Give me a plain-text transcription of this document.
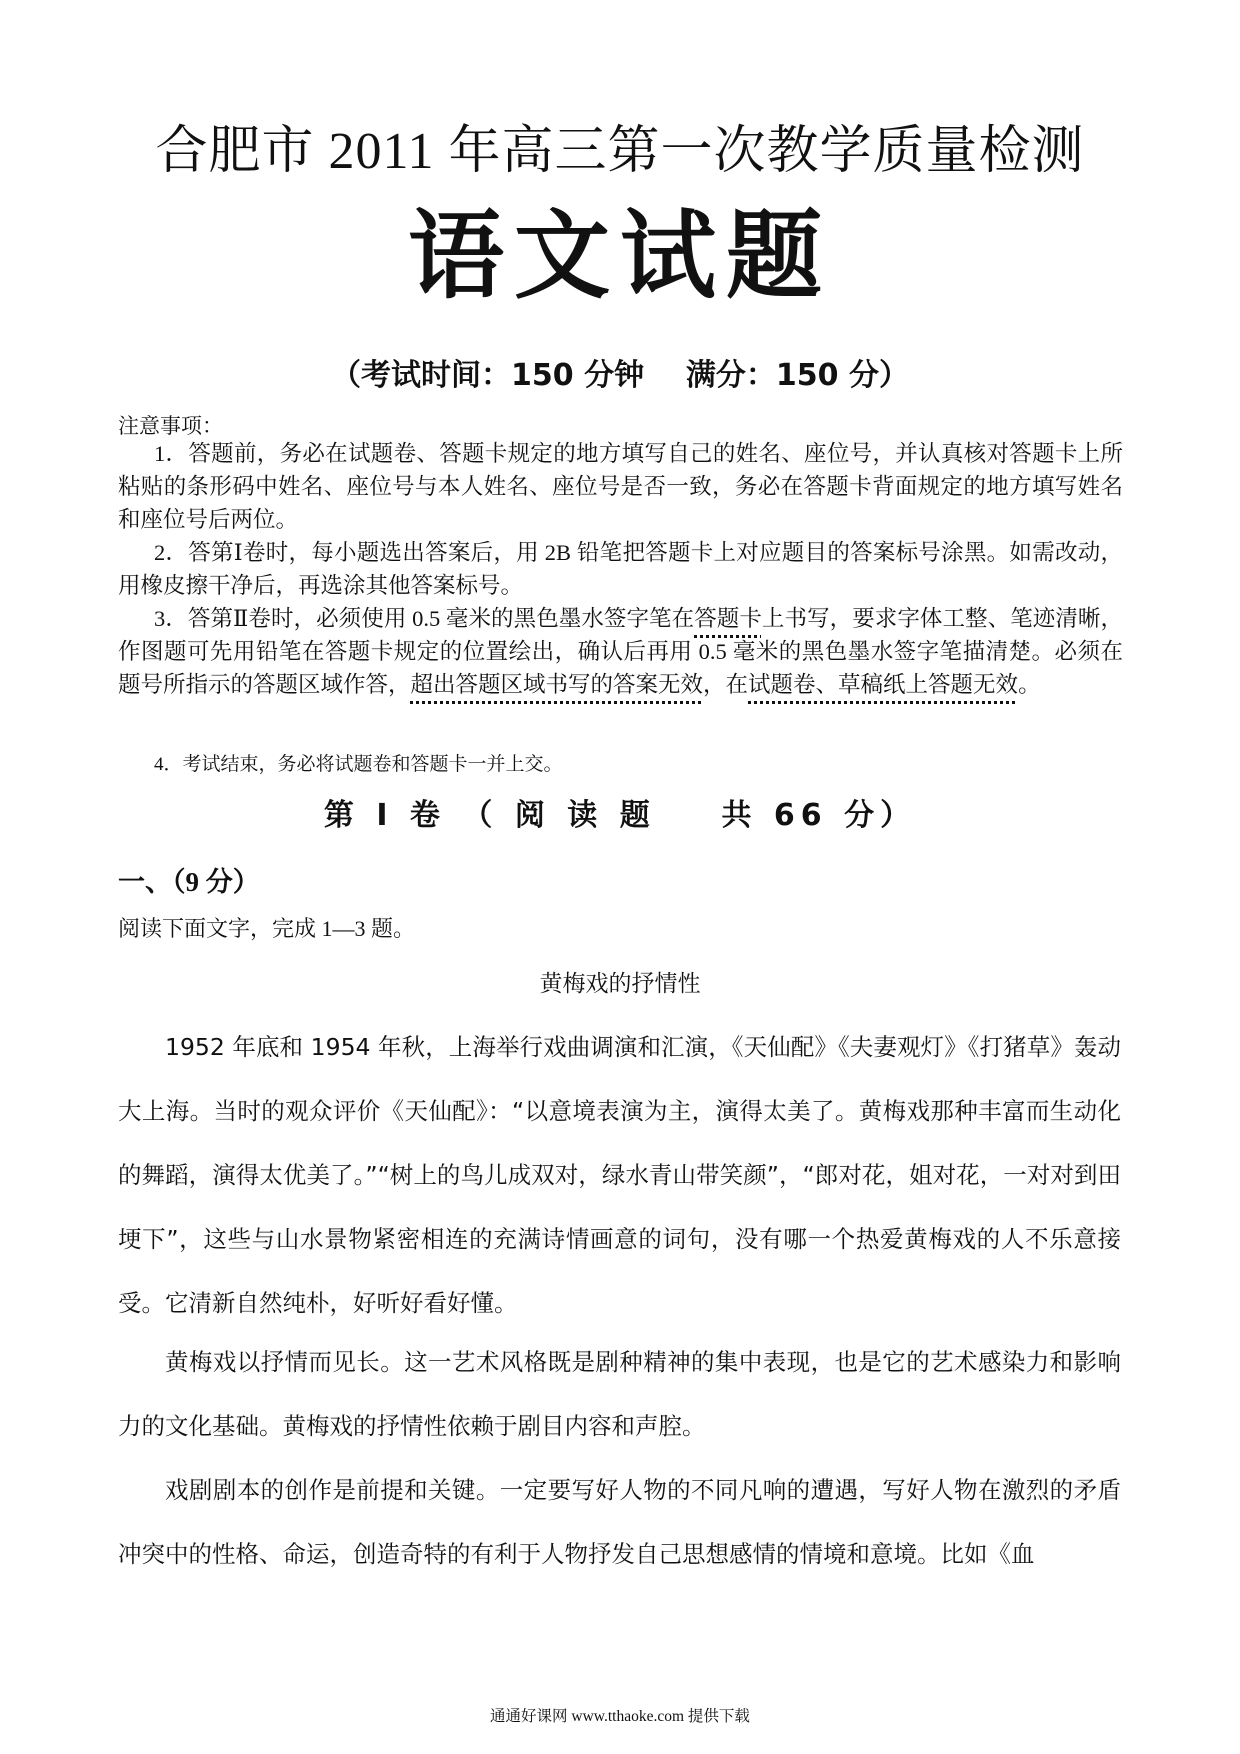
合肥市 2011 年高三第一次教学质量检测
语文试题
（考试时间：150 分钟    满分：150 分）
注意事项：
1．答题前，务必在试题卷、答题卡规定的地方填写自己的姓名、座位号，并认真核对答题卡上所粘贴的条形码中姓名、座位号与本人姓名、座位号是否一致，务必在答题卡背面规定的地方填写姓名和座位号后两位。
2．答第Ⅰ卷时，每小题选出答案后，用 2B 铅笔把答题卡上对应题目的答案标号涂黑。如需改动，用橡皮擦干净后，再选涂其他答案标号。
3．答第Ⅱ卷时，必须使用 0.5 毫米的黑色墨水签字笔在答题卡上书写，要求字体工整、笔迹清晰，作图题可先用铅笔在答题卡规定的位置绘出，确认后再用 0.5 毫米的黑色墨水签字笔描清楚。必须在题号所指示的答题区域作答，超出答题区域书写的答案无效，在试题卷、草稿纸上答题无效。
4．考试结束，务必将试题卷和答题卡一并上交。
第 Ⅰ 卷 （ 阅 读 题    共 66 分）
一、（9 分）
阅读下面文字，完成 1—3 题。
黄梅戏的抒情性

1952 年底和 1954 年秋，上海举行戏曲调演和汇演，《天仙配》《夫妻观灯》《打猪草》轰动大上海。当时的观众评价《天仙配》：“以意境表演为主，演得太美了。黄梅戏那种丰富而生动化的舞蹈，演得太优美了。”“树上的鸟儿成双对，绿水青山带笑颜”，“郎对花，姐对花，一对对到田埂下”，这些与山水景物紧密相连的充满诗情画意的词句，没有哪一个热爱黄梅戏的人不乐意接受。它清新自然纯朴，好听好看好懂。

黄梅戏以抒情而见长。这一艺术风格既是剧种精神的集中表现，也是它的艺术感染力和影响力的文化基础。黄梅戏的抒情性依赖于剧目内容和声腔。

戏剧剧本的创作是前提和关键。一定要写好人物的不同凡响的遭遇，写好人物在激烈的矛盾冲突中的性格、命运，创造奇特的有利于人物抒发自己思想感情的情境和意境。比如《血

通通好课网 www.tthaoke.com 提供下载
